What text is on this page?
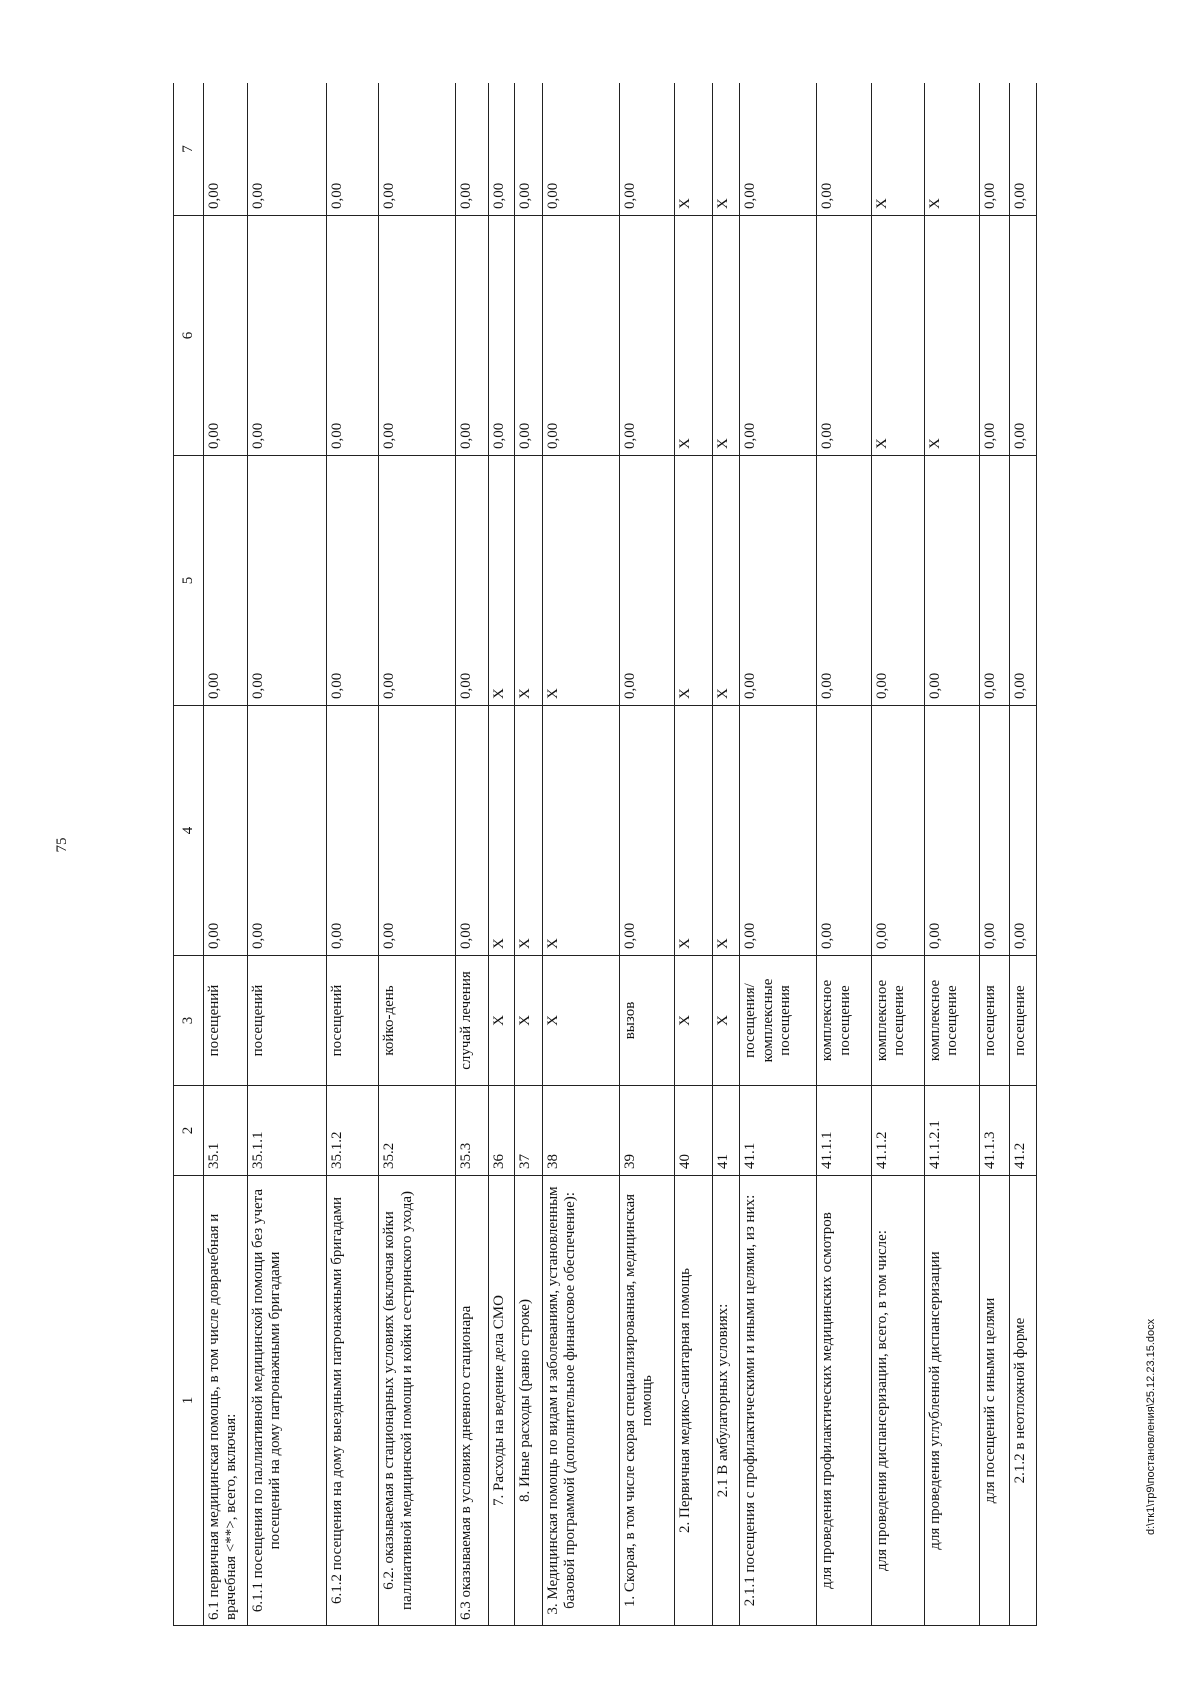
75
1	2	3	4	5	6	7
6.1 первичная медицинская помощь, в том числе доврачебная и врачебная <**>, всего, включая:	35.1	посещений	0,00	0,00	0,00	0,00
6.1.1 посещения по паллиативной медицинской помощи без учета посещений на дому патронажными бригадами	35.1.1	посещений	0,00	0,00	0,00	0,00
6.1.2 посещения на дому выездными патронажными бригадами	35.1.2	посещений	0,00	0,00	0,00	0,00
6.2. оказываемая в стационарных условиях (включая койки паллиативной медицинской помощи и койки сестринского ухода)	35.2	койко-день	0,00	0,00	0,00	0,00
6.3 оказываемая в условиях дневного стационара	35.3	случай лечения	0,00	0,00	0,00	0,00
7. Расходы на ведение дела СМО	36	X	X	X	0,00	0,00
8. Иные расходы (равно строке)	37	X	X	X	0,00	0,00
3. Медицинская помощь по видам и заболеваниям, установленным базовой программой (дополнительное финансовое обеспечение):	38	X	X	X	0,00	0,00
1. Скорая, в том числе скорая специализированная, медицинская помощь	39	вызов	0,00	0,00	0,00	0,00
2. Первичная медико-санитарная помощь	40	X	X	X	X	X
2.1 В амбулаторных условиях:	41	X	X	X	X	X
2.1.1 посещения с профилактическими и иными целями, из них:	41.1	посещения/ комплексные посещения	0,00	0,00	0,00	0,00
для проведения профилактических медицинских осмотров	41.1.1	комплексное посещение	0,00	0,00	0,00	0,00
для проведения диспансеризации, всего, в том числе:	41.1.2	комплексное посещение	0,00	0,00	X	X
для проведения углубленной диспансеризации	41.1.2.1	комплексное посещение	0,00	0,00	X	X
для посещений с иными целями	41.1.3	посещения	0,00	0,00	0,00	0,00
2.1.2 в неотложной форме	41.2	посещение	0,00	0,00	0,00	0,00
d:\тк1\тр9\постановления\25.12.23.15.docx
